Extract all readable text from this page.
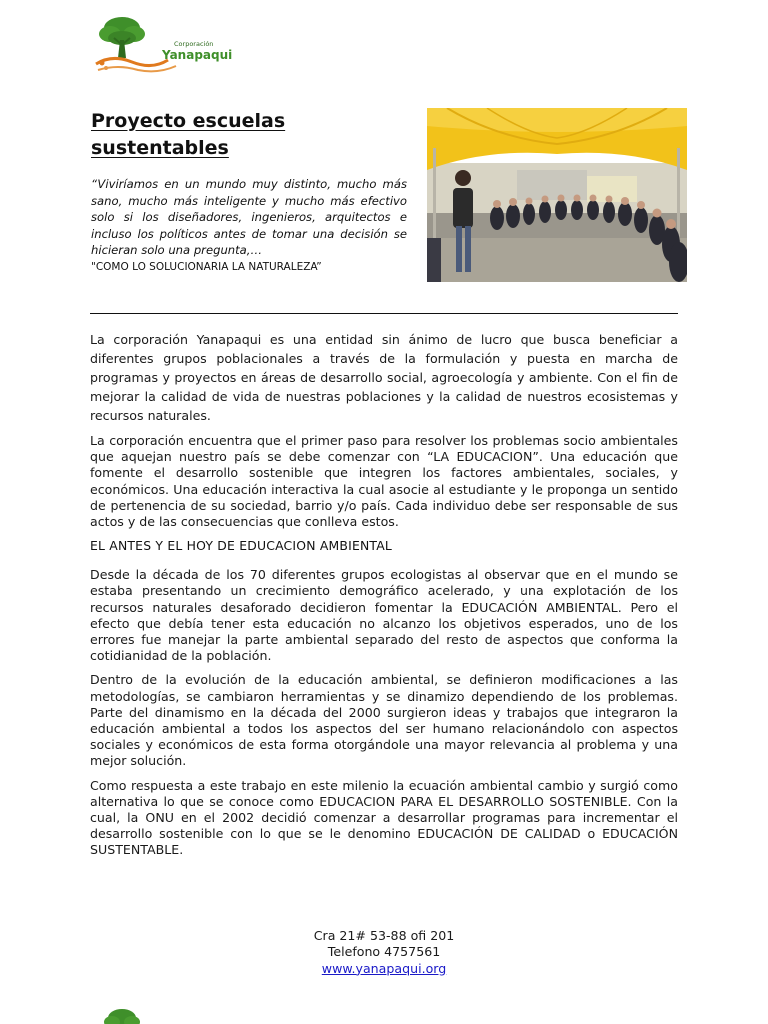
Corporación
Yanapaqui
Proyecto escuelas sustentables

“Viviríamos en un mundo muy distinto, mucho más sano, mucho más inteligente y mucho más efectivo solo si los diseñadores, ingenieros, arquitectos e incluso los políticos antes de tomar una decisión se hicieran solo una pregunta,…
"COMO LO SOLUCIONARIA LA NATURALEZA”

La corporación Yanapaqui es una entidad sin ánimo de lucro que busca beneficiar a diferentes grupos poblacionales a través de la formulación y puesta en marcha de programas y proyectos en áreas de desarrollo social, agroecología y ambiente. Con el fin de mejorar la calidad de vida de nuestras poblaciones y la calidad de nuestros ecosistemas y recursos naturales.

La corporación encuentra que el primer paso para resolver los problemas socio ambientales que aquejan nuestro país se debe comenzar con “LA EDUCACION”. Una educación que fomente el desarrollo sostenible que integren los factores ambientales, sociales, y económicos. Una educación interactiva la cual asocie al estudiante y le proponga un sentido de pertenencia de su sociedad, barrio y/o país. Cada individuo debe ser responsable de sus actos y de las consecuencias que conlleva estos.

EL ANTES Y EL HOY DE EDUCACION AMBIENTAL

Desde la década de los 70 diferentes grupos ecologistas al observar que en el mundo se estaba presentando un crecimiento demográfico acelerado, y una explotación de los recursos naturales desaforado decidieron fomentar la EDUCACIÓN AMBIENTAL. Pero el efecto que debía tener esta educación no alcanzo los objetivos esperados, uno de los errores fue manejar la parte ambiental separado del resto de aspectos que conforma la cotidianidad de la población.

Dentro de la evolución de la educación ambiental, se definieron modificaciones a las metodologías, se cambiaron herramientas y se dinamizo dependiendo de los problemas. Parte del dinamismo en la década del 2000 surgieron ideas y trabajos que integraron la educación ambiental a todos los aspectos del ser humano relacionándolo con aspectos sociales y económicos de esta forma otorgándole una mayor relevancia al problema y una mejor solución.

Como respuesta a este trabajo en este milenio la ecuación ambiental cambio y surgió como alternativa lo que se conoce como EDUCACION PARA EL DESARROLLO SOSTENIBLE. Con la cual, la ONU en el 2002 decidió comenzar a desarrollar programas para incrementar el desarrollo sostenible con lo que se le denomino EDUCACIÓN DE CALIDAD o EDUCACIÓN SUSTENTABLE.

Cra 21# 53-88 ofi 201
Telefono 4757561
www.yanapaqui.org
